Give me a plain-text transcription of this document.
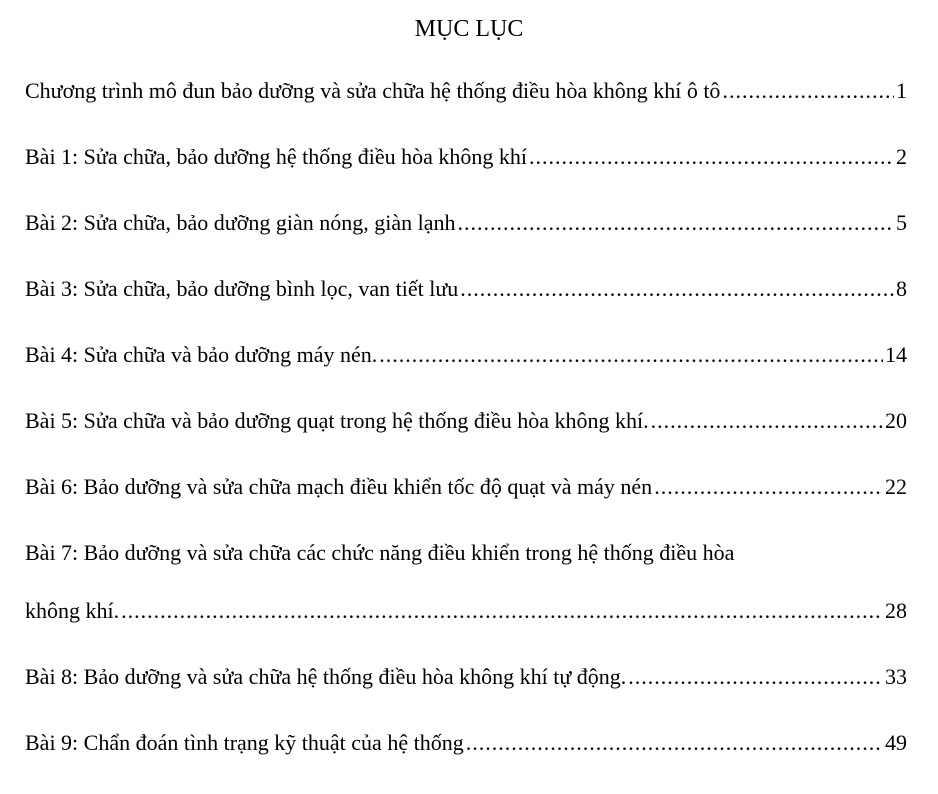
MỤC LỤC
Chương trình mô đun bảo dưỡng và sửa chữa hệ thống điều hòa không khí ô tô .....	1
Bài 1: Sửa chữa, bảo dưỡng hệ thống điều hòa không khí .....	2
Bài 2: Sửa chữa, bảo dưỡng giàn nóng, giàn lạnh .....	5
Bài 3: Sửa chữa, bảo dưỡng bình lọc, van tiết lưu .....	8
Bài 4: Sửa chữa và bảo dưỡng máy nén. .....	14
Bài 5: Sửa chữa và bảo dưỡng quạt trong hệ thống điều hòa không khí. .....	20
Bài 6: Bảo dưỡng và sửa chữa mạch điều khiển tốc độ quạt và máy nén .....	22
Bài 7: Bảo dưỡng và sửa chữa các chức năng điều khiển trong hệ thống điều hòa
không khí. .....	28
Bài 8: Bảo dưỡng và sửa chữa hệ thống điều hòa không khí tự động. .....	33
Bài 9: Chẩn đoán tình trạng kỹ thuật của hệ thống .....	49
